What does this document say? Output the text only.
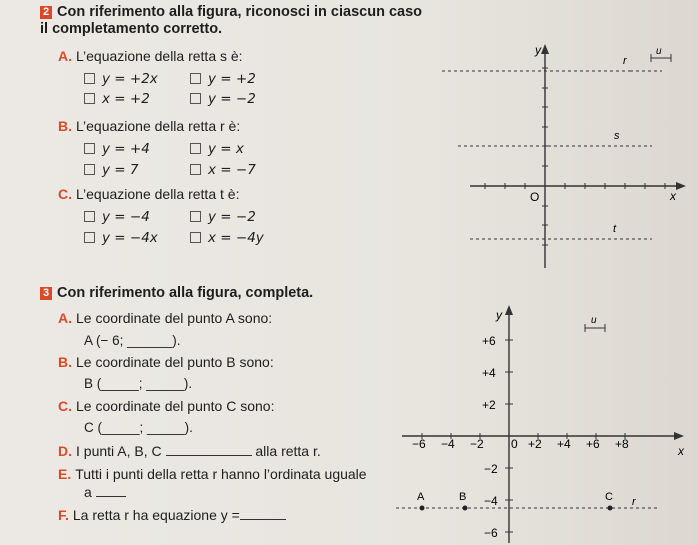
2 Con riferimento alla figura, riconosci in ciascun caso
il completamento corretto.
A. L’equazione della retta s è:
y = +2x	y = +2
x = +2	y = −2
B. L’equazione della retta r è:
y = +4	y = x
y = 7	x = −7
C. L’equazione della retta t è:
y = −4	y = −2
y = −4x	x = −4y
y
x
O
r
s
t
u
3 Con riferimento alla figura, completa.
A. Le coordinate del punto A sono:
A (− 6; ______).
B. Le coordinate del punto B sono:
B (_____; _____).
C. Le coordinate del punto C sono:
C (_____; _____).
D. I punti A, B, C	alla retta r.
E. Tutti i punti della retta r hanno l’ordinata uguale
a
F. La retta r ha equazione y =
y
x
0
+6
+4
+2
−2
−4
−6
−6 −4 −2	+2 +4 +6 +8
A	B	C r
u
